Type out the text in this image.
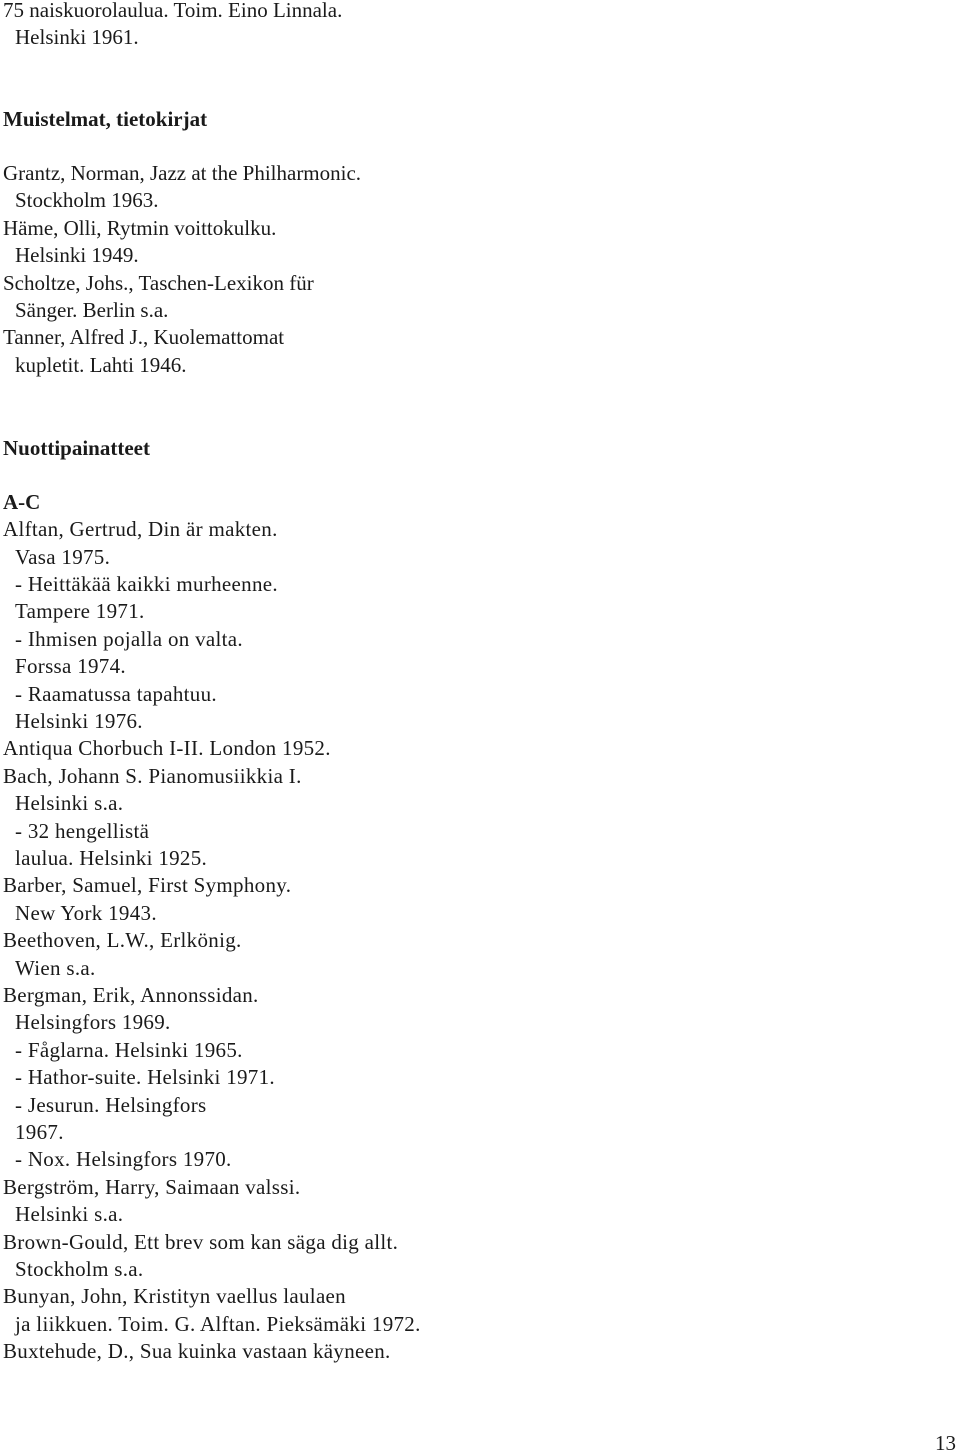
75 naiskuorolaulua. Toim. Eino Linnala.
Helsinki 1961.
Muistelmat, tietokirjat
Grantz, Norman, Jazz at the Philharmonic.
Stockholm 1963.
Häme, Olli, Rytmin voittokulku.
Helsinki 1949.
Scholtze, Johs., Taschen-Lexikon für
Sänger. Berlin s.a.
Tanner, Alfred J., Kuolemattomat
kupletit. Lahti 1946.
Nuottipainatteet
A-C
Alftan, Gertrud, Din är makten.
Vasa 1975.
- Heittäkää kaikki murheenne.
Tampere 1971.
- Ihmisen pojalla on valta.
Forssa 1974.
- Raamatussa tapahtuu.
Helsinki 1976.
Antiqua Chorbuch I-II. London 1952.
Bach, Johann S. Pianomusiikkia I.
Helsinki s.a.
- 32 hengellistä
laulua. Helsinki 1925.
Barber, Samuel, First Symphony.
New York 1943.
Beethoven, L.W., Erlkönig.
Wien s.a.
Bergman, Erik, Annonssidan.
Helsingfors 1969.
- Fåglarna. Helsinki 1965.
- Hathor-suite. Helsinki 1971.
- Jesurun. Helsingfors
1967.
- Nox. Helsingfors 1970.
Bergström, Harry, Saimaan valssi.
Helsinki s.a.
Brown-Gould, Ett brev som kan säga dig allt.
Stockholm s.a.
Bunyan, John, Kristityn vaellus laulaen
ja liikkuen. Toim. G. Alftan. Pieksämäki 1972.
Buxtehude, D., Sua kuinka vastaan käyneen.
13
